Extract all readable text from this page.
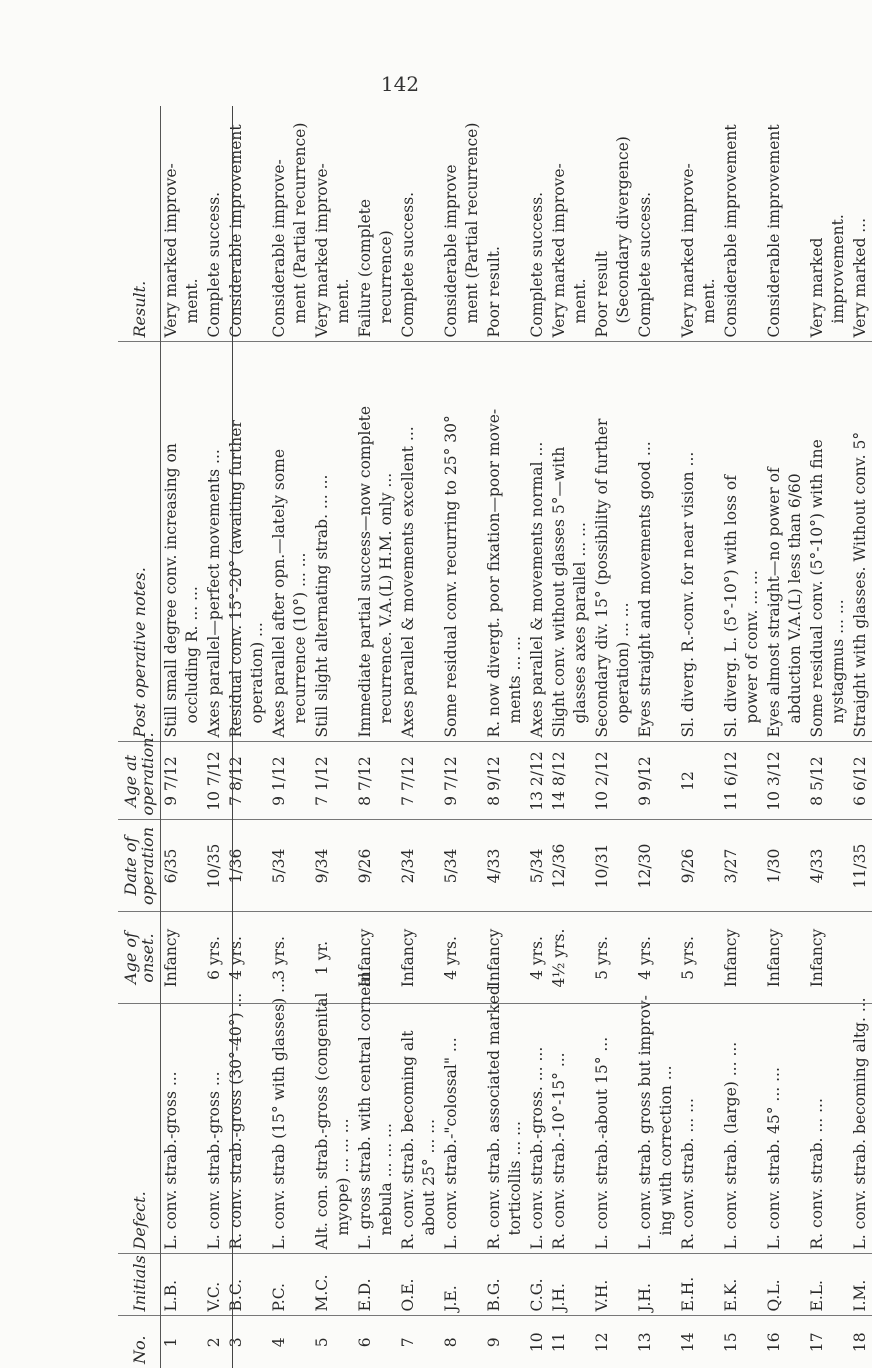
142
No.	Initials	Defect.	Age of onset.	Date of operation	Age at operation.	Post operative notes.	Result.

1	L.B.	L. conv. strab.-gross ...	Infancy	6/35	9 7/12	Still small degree conv. increasing on occluding R. ... ...	Very marked improve- ment.

2	V.C.	L. conv. strab.-gross ...	6 yrs.	10/35	10 7/12	Axes parallel—perfect movements ...	Complete success.

3	B.C.	R. conv. strab.-gross (30°-40°) ...	4 yrs.	1/36	7 8/12	Residual conv. 15°-20° (awaiting further operation) ...	Considerable improvement

4	P.C.	L. conv. strab (15° with glasses) ...	3 yrs.	5/34	9 1/12	Axes parallel after opn.—lately some recurrence (10°) ... ...	Considerable improve- ment (Partial recurrence)

5	M.C.	Alt. con. strab.-gross (congenital myope) ... ... ...	1 yr.	9/34	7 1/12	Still slight alternating strab. ... ...	Very marked improve- ment.

6	E.D.	L. gross strab. with central corneal nebula ... ... ...	Infancy	9/26	8 7/12	Immediate partial success—now complete recurrence. V.A.(L) H.M. only ...	Failure (complete recurrence)

7	O.E.	R. conv. strab. becoming alt about 25° ... ...	Infancy	2/34	7 7/12	Axes parallel & movements excellent ...	Complete success.

8	J.E.	L. conv. strab.-"colossal" ...	4 yrs.	5/34	9 7/12	Some residual conv. recurring to 25° 30°	Considerable improve ment (Partial recurrence)

9	B.G.	R. conv. strab. associated marked torticollis ... ...	Infancy	4/33	8 9/12	R. now divergt. poor fixation—poor move- ments ... ...	Poor result.

10	C.G.	L. conv. strab.-gross. ... ...	4 yrs.	5/34	13 2/12	Axes parallel & movements normal ...	Complete success.

11	J.H.	R. conv. strab.-10°-15° ...	4½ yrs.	12/36	14 8/12	Slight conv. without glasses 5°—with glasses axes parallel ... ...	Very marked improve- ment.

12	V.H.	L. conv. strab.-about 15° ...	5 yrs.	10/31	10 2/12	Secondary div. 15° (possibility of further operation) ... ...	Poor result (Secondary divergence)

13	J.H.	L. conv. strab. gross but improv- ing with correction ...	4 yrs.	12/30	9 9/12	Eyes straight and movements good ...	Complete success.

14	E.H.	R. conv. strab. ... ...	5 yrs.	9/26	12	Sl. diverg. R.-conv. for near vision ...	Very marked improve- ment.

15	E.K.	L. conv. strab. (large) ... ...	Infancy	3/27	11 6/12	Sl. diverg. L. (5°-10°) with loss of power of conv. ... ...	Considerable improvement

16	Q.L.	L. conv. strab. 45° ... ...	Infancy	1/30	10 3/12	Eyes almost straight—no power of abduction V.A.(L) less than 6/60	Considerable improvement

17	E.L.	R. conv. strab. ... ...	Infancy	4/33	8 5/12	Some residual conv. (5°-10°) with fine nystagmus ... ...	Very marked improvement.

18	I.M.	L. conv. strab. becoming altg. ...		11/35	6 6/12	Straight with glasses. Without conv. 5°	Very marked ...
